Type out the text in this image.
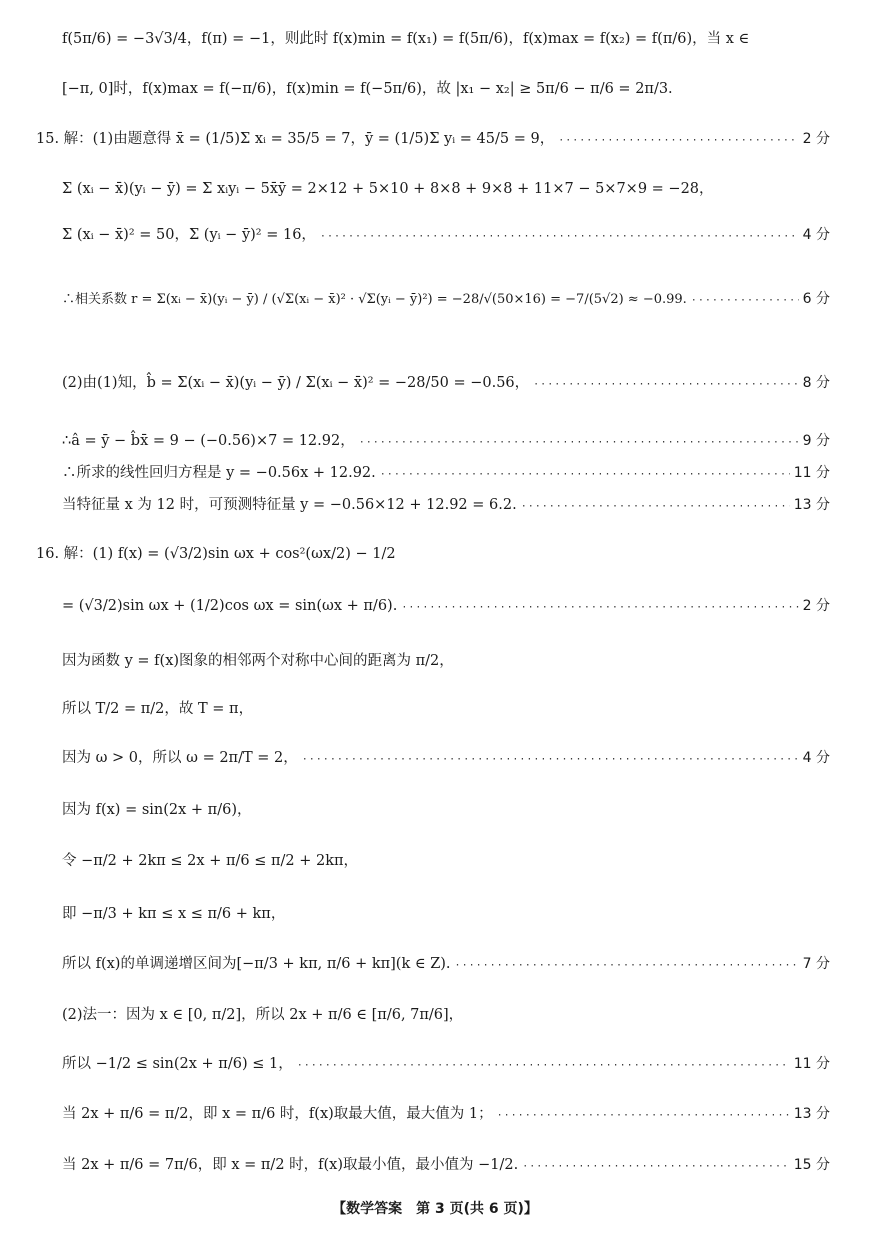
f(5π/6) = −3√3/4，f(π) = −1，则此时 f(x)min = f(x₁) = f(5π/6)，f(x)max = f(x₂) = f(π/6)，当 x ∈
[−π, 0]时，f(x)max = f(−π/6)，f(x)min = f(−5π/6)，故 |x₁ − x₂| ≥ 5π/6 − π/6 = 2π/3.
15. 解：(1)由题意得 x̄ = (1/5)Σ xᵢ = 35/5 = 7，ȳ = (1/5)Σ yᵢ = 45/5 = 9， ·····	2 分
Σ (xᵢ − x̄)(yᵢ − ȳ) = Σ xᵢyᵢ − 5x̄ȳ = 2×12 + 5×10 + 8×8 + 9×8 + 11×7 − 5×7×9 = −28，
Σ (xᵢ − x̄)² = 50，Σ (yᵢ − ȳ)² = 16， ·····	4 分
∴相关系数 r = Σ(xᵢ − x̄)(yᵢ − ȳ) / (√Σ(xᵢ − x̄)² · √Σ(yᵢ − ȳ)²) = −28/√(50×16) = −7/(5√2) ≈ −0.99. ·····	6 分
(2)由(1)知，b̂ = Σ(xᵢ − x̄)(yᵢ − ȳ) / Σ(xᵢ − x̄)² = −28/50 = −0.56， ·····	8 分
∴â = ȳ − b̂x̄ = 9 − (−0.56)×7 = 12.92， ·····	9 分
∴所求的线性回归方程是 y = −0.56x + 12.92. ·····	11 分
当特征量 x 为 12 时，可预测特征量 y = −0.56×12 + 12.92 = 6.2. ·····	13 分
16. 解：(1) f(x) = (√3/2)sin ωx + cos²(ωx/2) − 1/2
= (√3/2)sin ωx + (1/2)cos ωx = sin(ωx + π/6). ·····	2 分
因为函数 y = f(x)图象的相邻两个对称中心间的距离为 π/2，
所以 T/2 = π/2，故 T = π，
因为 ω > 0，所以 ω = 2π/T = 2， ·····	4 分
因为 f(x) = sin(2x + π/6)，
令 −π/2 + 2kπ ≤ 2x + π/6 ≤ π/2 + 2kπ，
即 −π/3 + kπ ≤ x ≤ π/6 + kπ，
所以 f(x)的单调递增区间为[−π/3 + kπ, π/6 + kπ](k ∈ Z). ·····	7 分
(2)法一：因为 x ∈ [0, π/2]，所以 2x + π/6 ∈ [π/6, 7π/6]，
所以 −1/2 ≤ sin(2x + π/6) ≤ 1， ·····	11 分
当 2x + π/6 = π/2，即 x = π/6 时，f(x)取最大值，最大值为 1； ·····	13 分
当 2x + π/6 = 7π/6，即 x = π/2 时，f(x)取最小值，最小值为 −1/2. ·····	15 分
【数学答案　第 3 页(共 6 页)】
